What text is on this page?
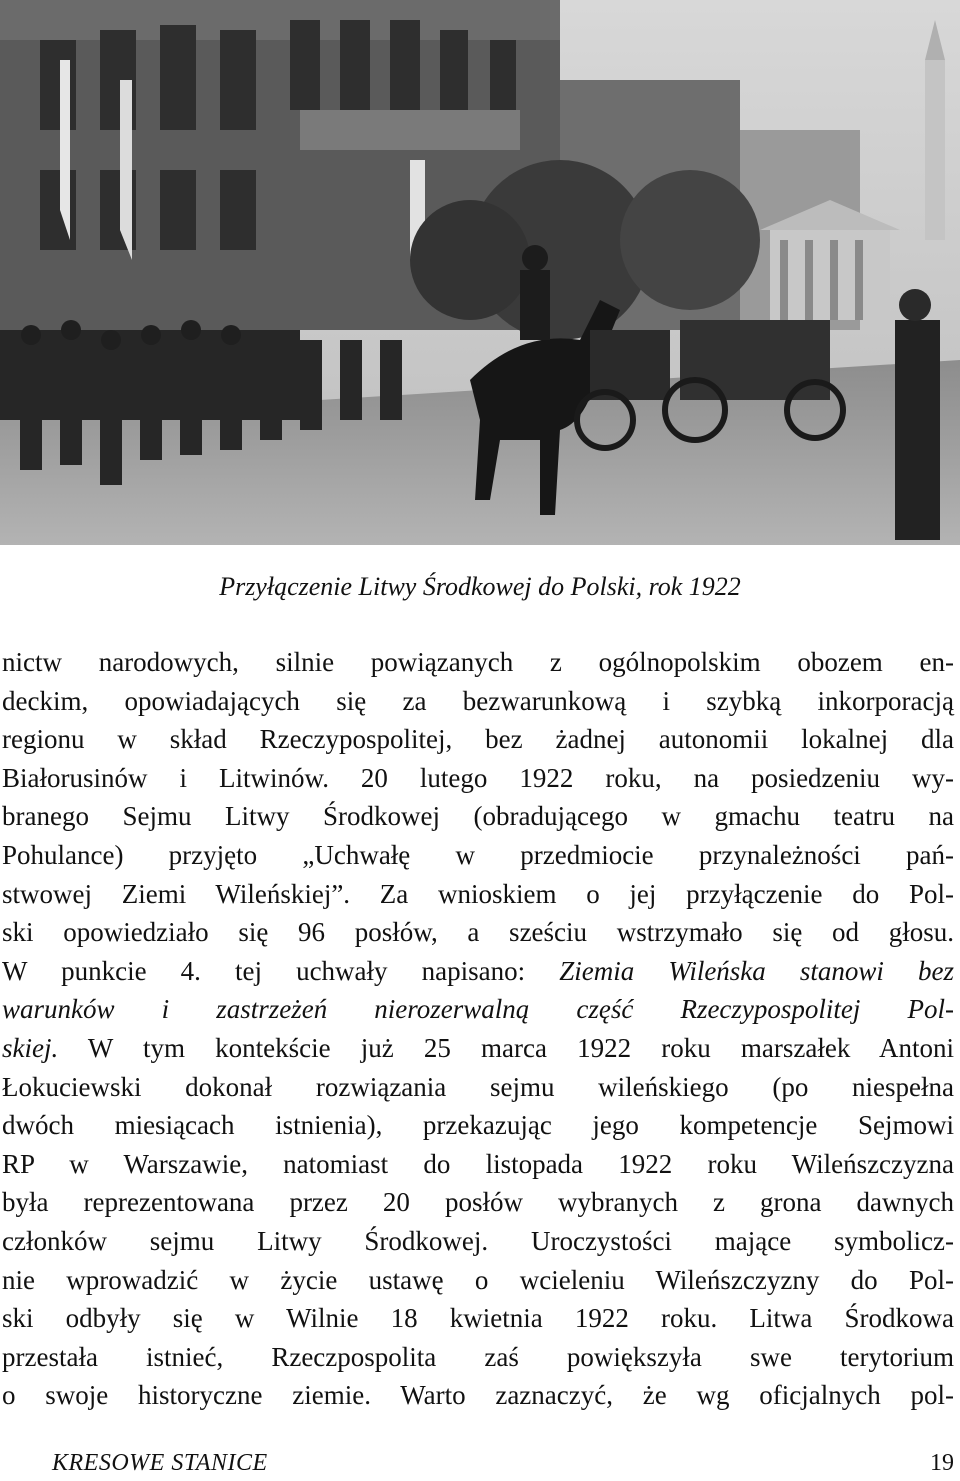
Przyłączenie Litwy Środkowej do Polski, rok 1922
nictw narodowych, silnie powiązanych z ogólnopolskim obozem en-
deckim, opowiadających się za bezwarunkową i szybką inkorporacją
regionu w skład Rzeczypospolitej, bez żadnej autonomii lokalnej dla
Białorusinów i Litwinów. 20 lutego 1922 roku, na posiedzeniu wy-
branego Sejmu Litwy Środkowej (obradującego w gmachu teatru na
Pohulance) przyjęto „Uchwałę w przedmiocie przynależności pań-
stwowej Ziemi Wileńskiej”. Za wnioskiem o jej przyłączenie do Pol-
ski opowiedziało się 96 posłów, a sześciu wstrzymało się od głosu.
W punkcie 4. tej uchwały napisano: Ziemia Wileńska stanowi bez
warunków i zastrzeżeń nierozerwalną część Rzeczypospolitej Pol-
skiej. W tym kontekście już 25 marca 1922 roku marszałek Antoni
Łokuciewski dokonał rozwiązania sejmu wileńskiego (po niespełna
dwóch miesiącach istnienia), przekazując jego kompetencje Sejmowi
RP w Warszawie, natomiast do listopada 1922 roku Wileńszczyzna
była reprezentowana przez 20 posłów wybranych z grona dawnych
członków sejmu Litwy Środkowej. Uroczystości mające symbolicz-
nie wprowadzić w życie ustawę o wcieleniu Wileńszczyzny do Pol-
ski odbyły się w Wilnie 18 kwietnia 1922 roku. Litwa Środkowa
przestała istnieć, Rzeczpospolita zaś powiększyła swe terytorium
o swoje historyczne ziemie. Warto zaznaczyć, że wg oficjalnych pol-
KRESOWE STANICE	19
